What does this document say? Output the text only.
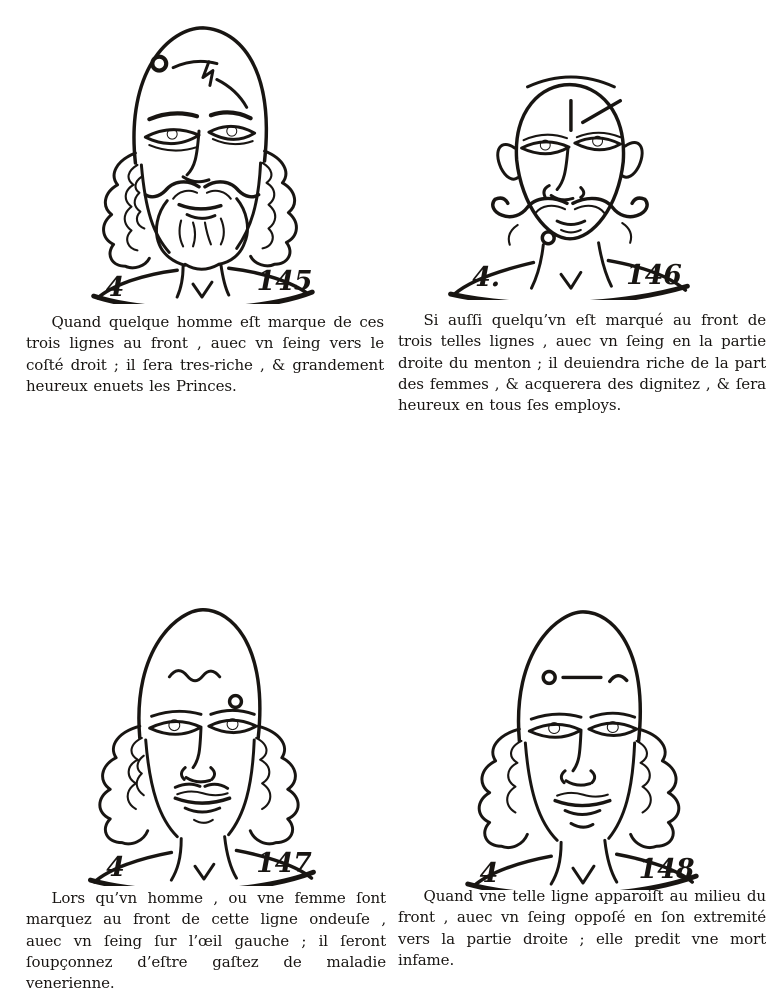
4	145	4.	146

Quand quelque homme eſt marque de ces trois lignes au front , auec vn ſeing vers le coſté droit ; il ſera tres-riche , & grandement heureux enuets les Princes.

Si auſſi quelqu’vn eſt marqué au front de trois telles lignes , auec vn ſeing en la partie droite du menton ; il deuiendra riche de la part des femmes , & acquerera des dignitez , & ſera heureux en tous ſes employs.

4	147	4	148

Lors qu’vn homme , ou vne femme ſont marquez au front de cette ligne ondeuſe , auec vn ſeing ſur l’œil gauche ; il ſeront ſoupçonnez d’eſtre gaſtez de maladie venerienne.

Quand vne telle ligne apparoiſt au milieu du front , auec vn ſeing oppoſé en ſon extremité vers la partie droite ; elle predit vne mort infame.
